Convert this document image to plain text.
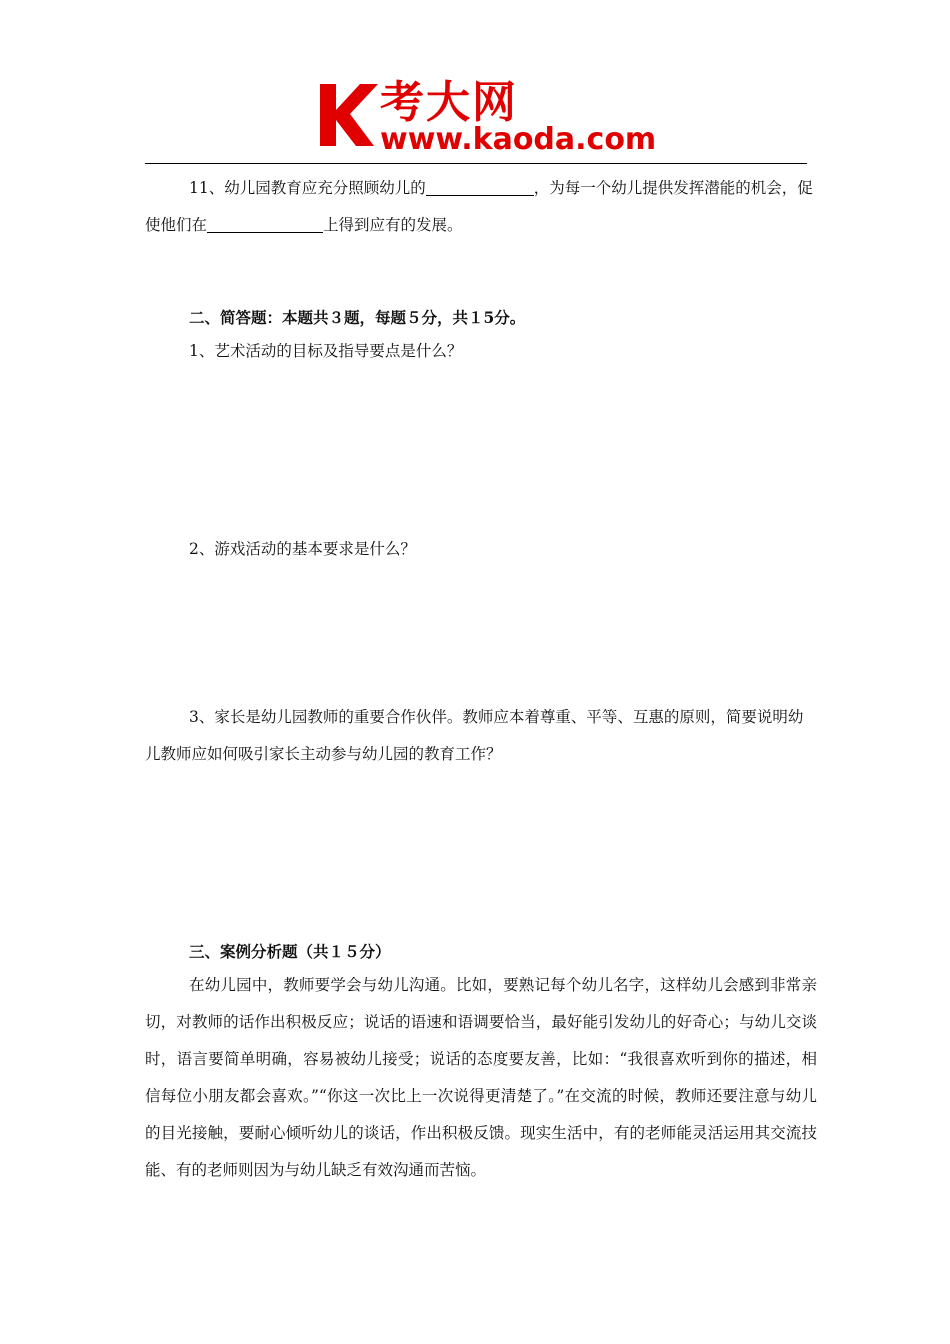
考大网
www.kaoda.com

11、幼儿园教育应充分照顾幼儿的	，为每一个幼儿提供发挥潜能的机会，促使他们在	上得到应有的发展。

二、简答题：本题共３题，每题５分，共１5分。

1、艺术活动的目标及指导要点是什么？

2、游戏活动的基本要求是什么？

3、家长是幼儿园教师的重要合作伙伴。教师应本着尊重、平等、互惠的原则，简要说明幼儿教师应如何吸引家长主动参与幼儿园的教育工作？

三、案例分析题（共１５分）

在幼儿园中，教师要学会与幼儿沟通。比如，要熟记每个幼儿名字，这样幼儿会感到非常亲切，对教师的话作出积极反应；说话的语速和语调要恰当，最好能引发幼儿的好奇心；与幼儿交谈时，语言要简单明确，容易被幼儿接受；说话的态度要友善，比如：“我很喜欢听到你的描述，相信每位小朋友都会喜欢。”“你这一次比上一次说得更清楚了。”在交流的时候，教师还要注意与幼儿的目光接触，要耐心倾听幼儿的谈话，作出积极反馈。现实生活中，有的老师能灵活运用其交流技能、有的老师则因为与幼儿缺乏有效沟通而苦恼。
